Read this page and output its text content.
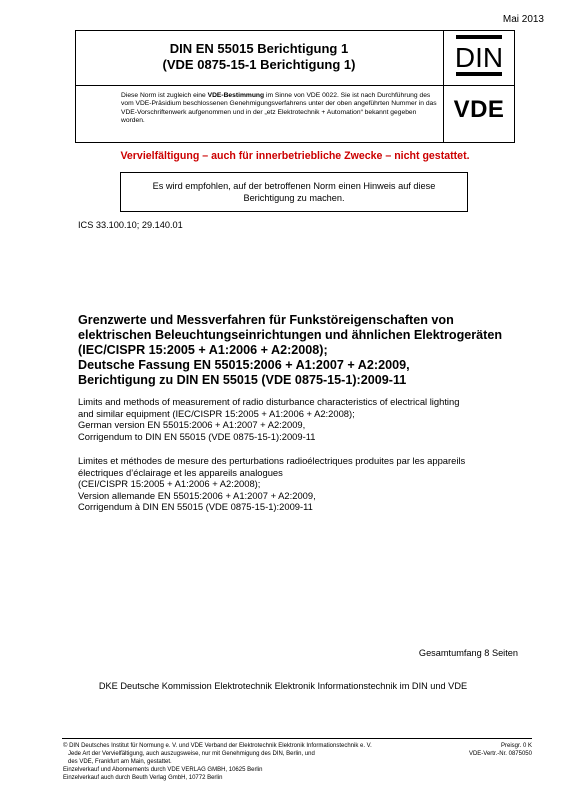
Mai 2013
DIN EN 55015 Berichtigung 1
(VDE 0875-15-1 Berichtigung 1)	DIN
Diese Norm ist zugleich eine VDE-Bestimmung im Sinne von VDE 0022. Sie ist nach Durchführung des vom VDE-Präsidium beschlossenen Genehmigungsverfahrens unter der oben angeführten Nummer in das VDE-Vorschriftenwerk aufgenommen und in der „etz Elektrotechnik + Automation“ bekannt gegeben worden.	VDE
Vervielfältigung – auch für innerbetriebliche Zwecke – nicht gestattet.
Es wird empfohlen, auf der betroffenen Norm einen Hinweis auf diese
Berichtigung zu machen.
ICS 33.100.10; 29.140.01
Grenzwerte und Messverfahren für Funkstöreigenschaften von
elektrischen Beleuchtungseinrichtungen und ähnlichen Elektrogeräten
(IEC/CISPR 15:2005 + A1:2006 + A2:2008);
Deutsche Fassung EN 55015:2006 + A1:2007 + A2:2009,
Berichtigung zu DIN EN 55015 (VDE 0875-15-1):2009-11
Limits and methods of measurement of radio disturbance characteristics of electrical lighting
and similar equipment (IEC/CISPR 15:2005 + A1:2006 + A2:2008);
German version EN 55015:2006 + A1:2007 + A2:2009,
Corrigendum to DIN EN 55015 (VDE 0875-15-1):2009-11
Limites et méthodes de mesure des perturbations radioélectriques produites par les appareils
électriques d’éclairage et les appareils analogues
(CEI/CISPR 15:2005 + A1:2006 + A2:2008);
Version allemande EN 55015:2006 + A1:2007 + A2:2009,
Corrigendum à DIN EN 55015 (VDE 0875-15-1):2009-11
Gesamtumfang 8 Seiten
DKE Deutsche Kommission Elektrotechnik Elektronik Informationstechnik im DIN und VDE
© DIN Deutsches Institut für Normung e. V. und VDE Verband der Elektrotechnik Elektronik Informationstechnik e. V.
Jede Art der Vervielfältigung, auch auszugsweise, nur mit Genehmigung des DIN, Berlin, und
des VDE, Frankfurt am Main, gestattet.
Einzelverkauf und Abonnements durch VDE VERLAG GMBH, 10625 Berlin
Einzelverkauf auch durch Beuth Verlag GmbH, 10772 Berlin
Preisgr. 0 K
VDE-Vertr.-Nr. 0875050
